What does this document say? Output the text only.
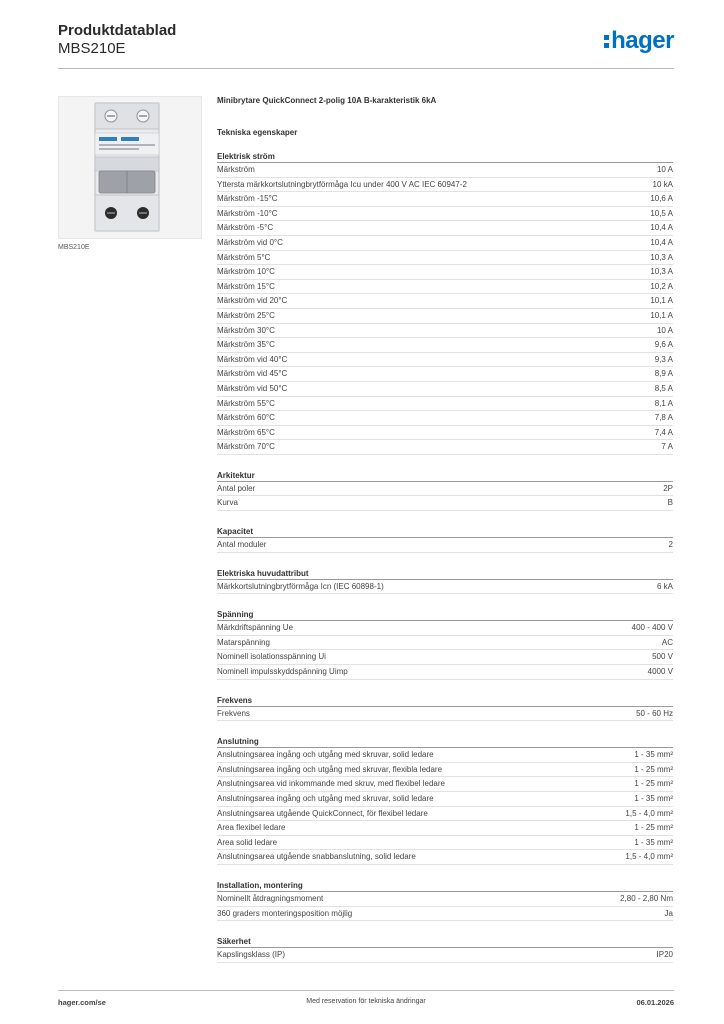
Produktdatablad
MBS210E	hager
MBS210E
Minibrytare QuickConnect 2-polig 10A B-karakteristik 6kA
Tekniska egenskaper
Elektrisk ström
Märkström	10 A
Yttersta märkkortslutningbrytförmåga Icu under 400 V AC IEC 60947-2	10 kA
Märkström -15°C	10,6 A
Märkström -10°C	10,5 A
Märkström -5°C	10,4 A
Märkström vid 0°C	10,4 A
Märkström 5°C	10,3 A
Märkström 10°C	10,3 A
Märkström 15°C	10,2 A
Märkström vid 20°C	10,1 A
Märkström 25°C	10,1 A
Märkström 30°C	10 A
Märkström 35°C	9,6 A
Märkström vid 40°C	9,3 A
Märkström vid 45°C	8,9 A
Märkström vid 50°C	8,5 A
Märkström 55°C	8,1 A
Märkström 60°C	7,8 A
Märkström 65°C	7,4 A
Märkström 70°C	7 A
Arkitektur
Antal poler	2P
Kurva	B
Kapacitet
Antal moduler	2
Elektriska huvudattribut
Märkkortslutningbrytförmåga Icn (IEC 60898-1)	6 kA
Spänning
Märkdriftspänning Ue	400 - 400 V
Matarspänning	AC
Nominell isolationsspänning Ui	500 V
Nominell impulsskyddspänning Uimp	4000 V
Frekvens
Frekvens	50 - 60 Hz
Anslutning
Anslutningsarea ingång och utgång med skruvar, solid ledare	1 - 35 mm²
Anslutningsarea ingång och utgång med skruvar, flexibla ledare	1 - 25 mm²
Anslutningsarea vid inkommande med skruv, med flexibel ledare	1 - 25 mm²
Anslutningsarea ingång och utgång med skruvar, solid ledare	1 - 35 mm²
Anslutningsarea utgående QuickConnect, för flexibel ledare	1,5 - 4,0 mm²
Area flexibel ledare	1 - 25 mm²
Area solid ledare	1 - 35 mm²
Anslutningsarea utgående snabbanslutning, solid ledare	1,5 - 4,0 mm²
Installation, montering
Nominellt åtdragningsmoment	2,80 - 2,80 Nm
360 graders monteringsposition möjlig	Ja
Säkerhet
Kapslingsklass (IP)	IP20
hager.com/se	Med reservation för tekniska ändringar	06.01.2026
